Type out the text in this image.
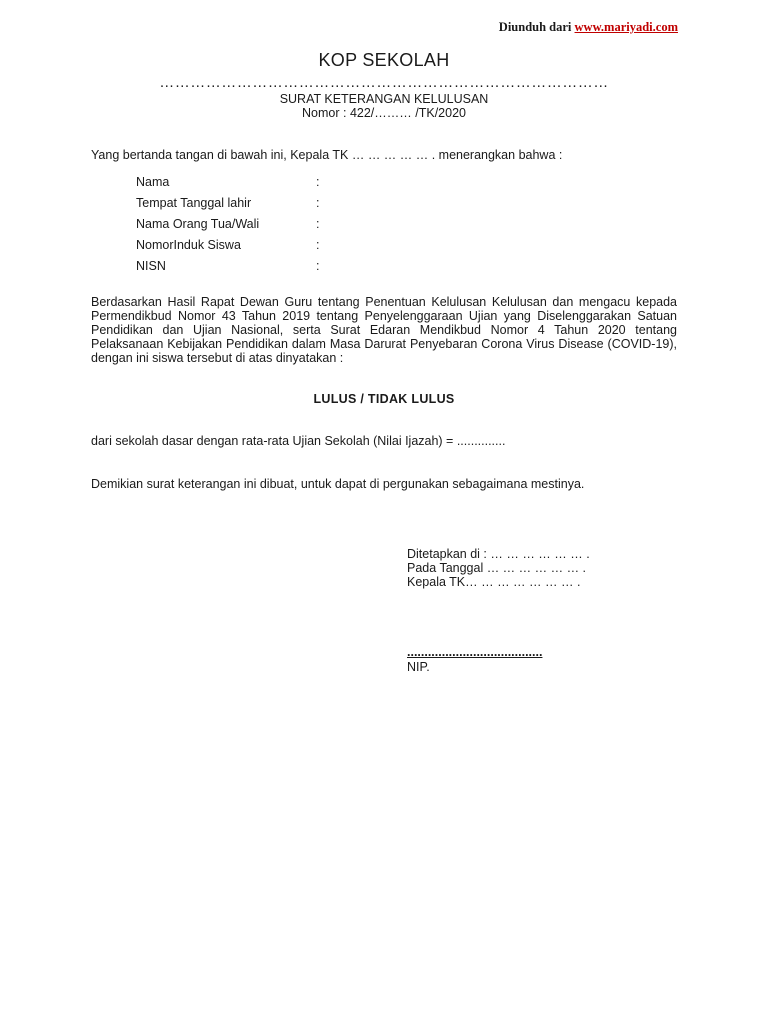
Diunduh dari www.mariyadi.com
KOP SEKOLAH
……………………………………………………………………………
SURAT KETERANGAN KELULUSAN
Nomor : 422/……… /TK/2020
Yang bertanda tangan di bawah ini, Kepala TK … … … … … . menerangkan bahwa :
Nama	:
Tempat Tanggal lahir	:
Nama Orang Tua/Wali	:
NomorInduk Siswa	:
NISN	:
Berdasarkan Hasil Rapat Dewan Guru tentang Penentuan Kelulusan Kelulusan dan mengacu kepada Permendikbud Nomor 43 Tahun 2019 tentang Penyelenggaraan Ujian yang Diselenggarakan Satuan Pendidikan dan Ujian Nasional, serta Surat Edaran Mendikbud Nomor 4 Tahun 2020 tentang Pelaksanaan Kebijakan Pendidikan dalam Masa Darurat Penyebaran Corona Virus Disease (COVID-19), dengan ini siswa tersebut di atas dinyatakan :
LULUS / TIDAK LULUS
dari sekolah dasar dengan rata-rata Ujian Sekolah (Nilai Ijazah) = ..............
Demikian surat keterangan ini dibuat, untuk dapat di pergunakan sebagaimana mestinya.
Ditetapkan di : … … … … … … .
Pada Tanggal … … … … … … .
Kepala TK… … … … … … … .
.......................................
NIP.
